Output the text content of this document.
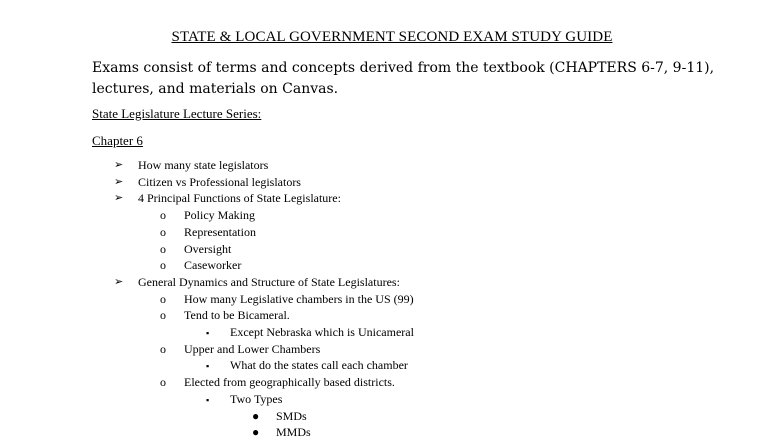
STATE & LOCAL GOVERNMENT SECOND EXAM STUDY GUIDE
Exams consist of terms and concepts derived from the textbook (CHAPTERS 6-7, 9-11), lectures, and materials on Canvas.
State Legislature Lecture Series:
Chapter 6
➢ How many state legislators
➢ Citizen vs Professional legislators
➢ 4 Principal Functions of State Legislature:
o Policy Making
o Representation
o Oversight
o Caseworker
➢ General Dynamics and Structure of State Legislatures:
o How many Legislative chambers in the US (99)
o Tend to be Bicameral.
▪ Except Nebraska which is Unicameral
o Upper and Lower Chambers
▪ What do the states call each chamber
o Elected from geographically based districts.
▪ Two Types
● SMDs
● MMDs
